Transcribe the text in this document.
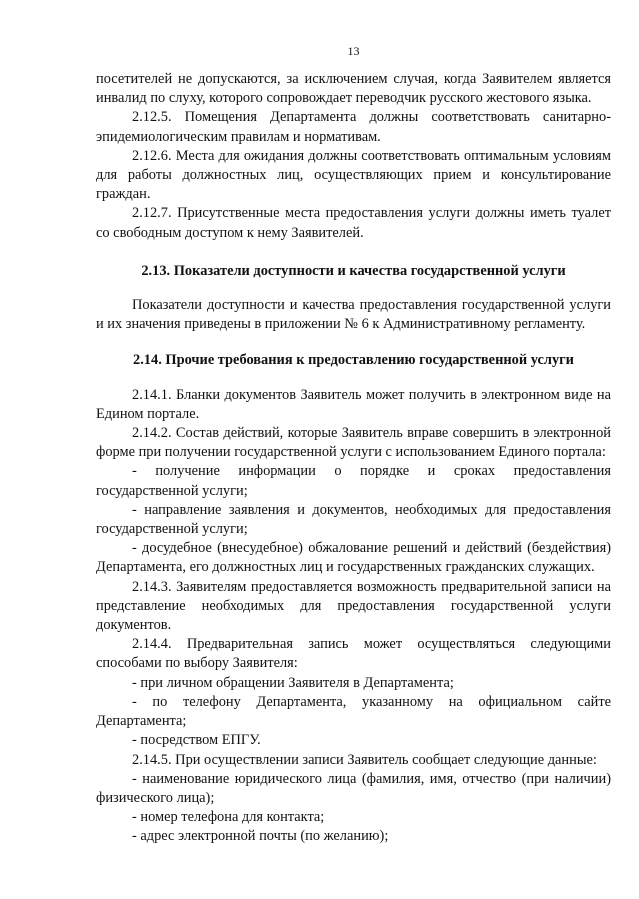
13

посетителей не допускаются, за исключением случая, когда Заявителем является инвалид по слуху, которого сопровождает переводчик русского жестового языка.

2.12.5. Помещения Департамента должны соответствовать санитарно-эпидемиологическим правилам и нормативам.

2.12.6. Места для ожидания должны соответствовать оптимальным условиям для работы должностных лиц, осуществляющих прием и консультирование граждан.

2.12.7. Присутственные места предоставления услуги должны иметь туалет со свободным доступом к нему Заявителей.

2.13. Показатели доступности и качества государственной услуги

Показатели доступности и качества предоставления государственной услуги и их значения приведены в приложении № 6 к Административному регламенту.

2.14. Прочие требования к предоставлению государственной услуги

2.14.1. Бланки документов Заявитель может получить в электронном виде на Едином портале.

2.14.2. Состав действий, которые Заявитель вправе совершить в электронной форме при получении государственной услуги с использованием Единого портала:

- получение информации о порядке и сроках предоставления государственной услуги;

- направление заявления и документов, необходимых для предоставления государственной услуги;

- досудебное (внесудебное) обжалование решений и действий (бездействия) Департамента, его должностных лиц и государственных гражданских служащих.

2.14.3. Заявителям предоставляется возможность предварительной записи на представление необходимых для предоставления государственной услуги документов.

2.14.4. Предварительная запись может осуществляться следующими способами по выбору Заявителя:

- при личном обращении Заявителя в Департамента;

- по телефону Департамента, указанному на официальном сайте Департамента;

- посредством ЕПГУ.

2.14.5. При осуществлении записи Заявитель сообщает следующие данные:

- наименование юридического лица (фамилия, имя, отчество (при наличии) физического лица);

- номер телефона для контакта;

- адрес электронной почты (по желанию);
